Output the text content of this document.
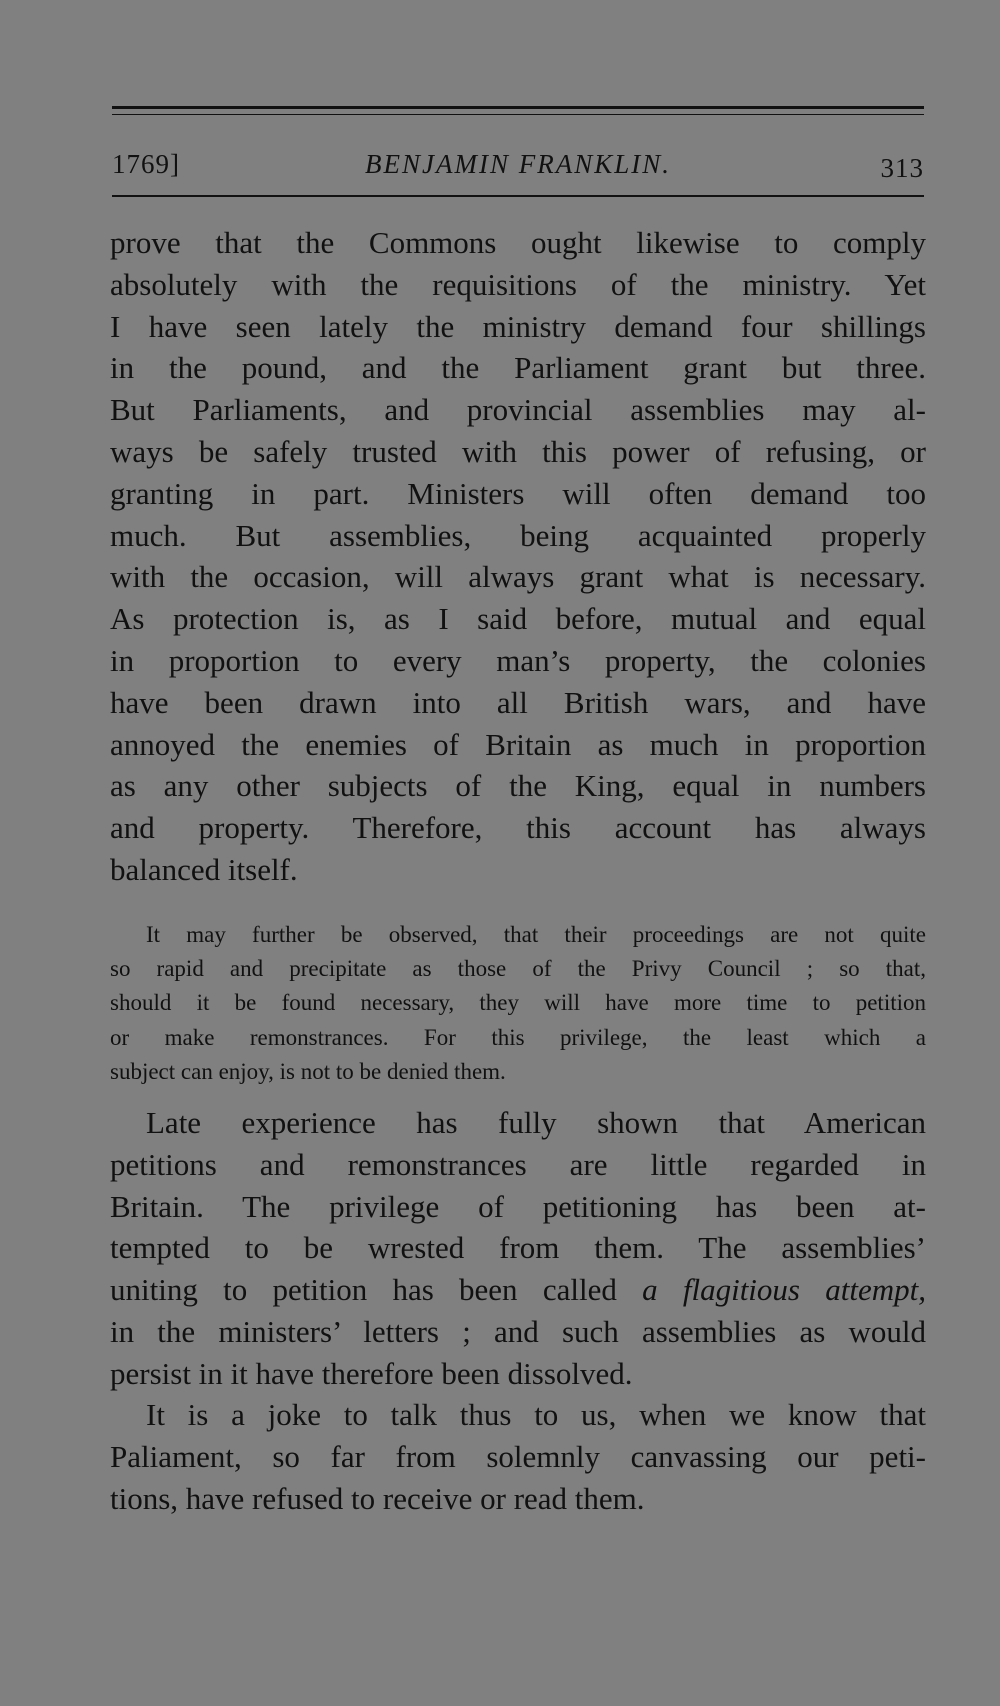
1769]	BENJAMIN FRANKLIN.	313
prove that the Commons ought likewise to comply
absolutely with the requisitions of the ministry. Yet
I have seen lately the ministry demand four shillings
in the pound, and the Parliament grant but three.
But Parliaments, and provincial assemblies may al-
ways be safely trusted with this power of refusing, or
granting in part. Ministers will often demand too
much. But assemblies, being acquainted properly
with the occasion, will always grant what is necessary.
As protection is, as I said before, mutual and equal
in proportion to every man’s property, the colonies
have been drawn into all British wars, and have
annoyed the enemies of Britain as much in proportion
as any other subjects of the King, equal in numbers
and property. Therefore, this account has always
balanced itself.
It may further be observed, that their proceedings are not quite
so rapid and precipitate as those of the Privy Council ; so that,
should it be found necessary, they will have more time to petition
or make remonstrances. For this privilege, the least which a
subject can enjoy, is not to be denied them.
Late experience has fully shown that American
petitions and remonstrances are little regarded in
Britain. The privilege of petitioning has been at-
tempted to be wrested from them. The assemblies’
uniting to petition has been called a flagitious attempt,
in the ministers’ letters ; and such assemblies as would
persist in it have therefore been dissolved.
It is a joke to talk thus to us, when we know that
Paliament, so far from solemnly canvassing our peti-
tions, have refused to receive or read them.
